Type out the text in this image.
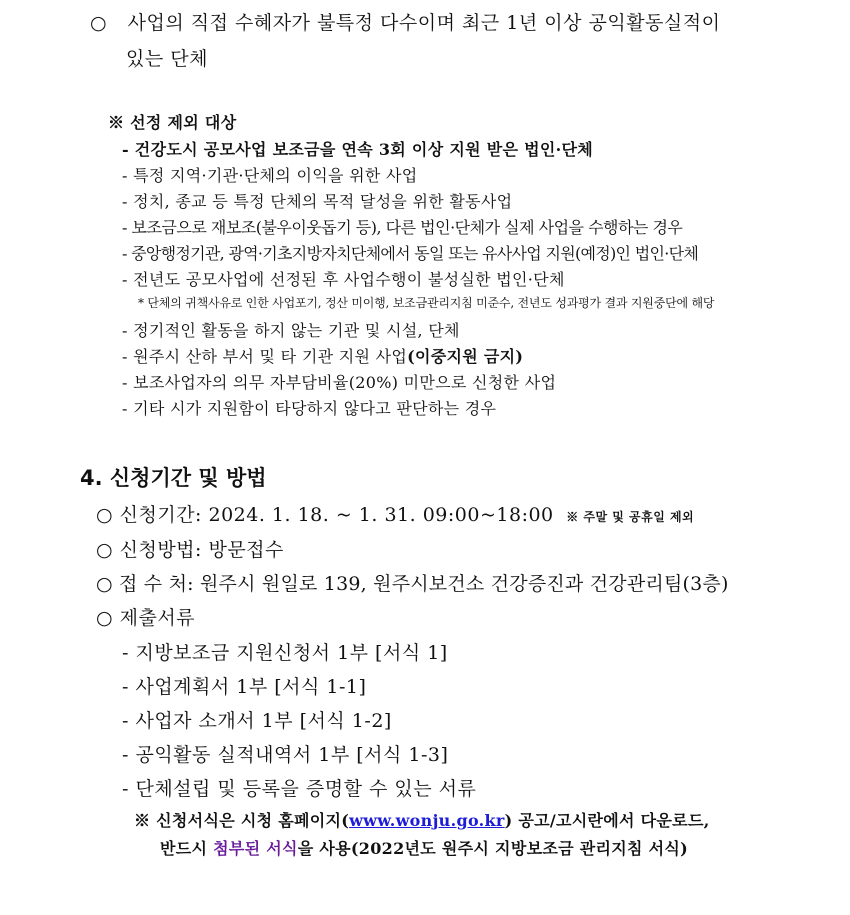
○ 사업의 직접 수혜자가 불특정 다수이며 최근 1년 이상 공익활동실적이
있는 단체
※ 선정 제외 대상
- 건강도시 공모사업 보조금을 연속 3회 이상 지원 받은 법인·단체
- 특정 지역·기관·단체의 이익을 위한 사업
- 정치, 종교 등 특정 단체의 목적 달성을 위한 활동사업
- 보조금으로 재보조(불우이웃돕기 등), 다른 법인·단체가 실제 사업을 수행하는 경우
- 중앙행정기관, 광역·기초지방자치단체에서 동일 또는 유사사업 지원(예정)인 법인·단체
- 전년도 공모사업에 선정된 후 사업수행이 불성실한 법인·단체
* 단체의 귀책사유로 인한 사업포기, 정산 미이행, 보조금관리지침 미준수, 전년도 성과평가 결과 지원중단에 해당
- 정기적인 활동을 하지 않는 기관 및 시설, 단체
- 원주시 산하 부서 및 타 기관 지원 사업(이중지원 금지)
- 보조사업자의 의무 자부담비율(20%) 미만으로 신청한 사업
- 기타 시가 지원함이 타당하지 않다고 판단하는 경우
4. 신청기간 및 방법
○ 신청기간: 2024. 1. 18. ~ 1. 31. 09:00~18:00 ※ 주말 및 공휴일 제외
○ 신청방법: 방문접수
○ 접 수 처: 원주시 원일로 139, 원주시보건소 건강증진과 건강관리팀(3층)
○ 제출서류
- 지방보조금 지원신청서 1부 [서식 1]
- 사업계획서 1부 [서식 1-1]
- 사업자 소개서 1부 [서식 1-2]
- 공익활동 실적내역서 1부 [서식 1-3]
- 단체설립 및 등록을 증명할 수 있는 서류
※ 신청서식은 시청 홈페이지(www.wonju.go.kr) 공고/고시란에서 다운로드,
반드시 첨부된 서식을 사용(2022년도 원주시 지방보조금 관리지침 서식)
